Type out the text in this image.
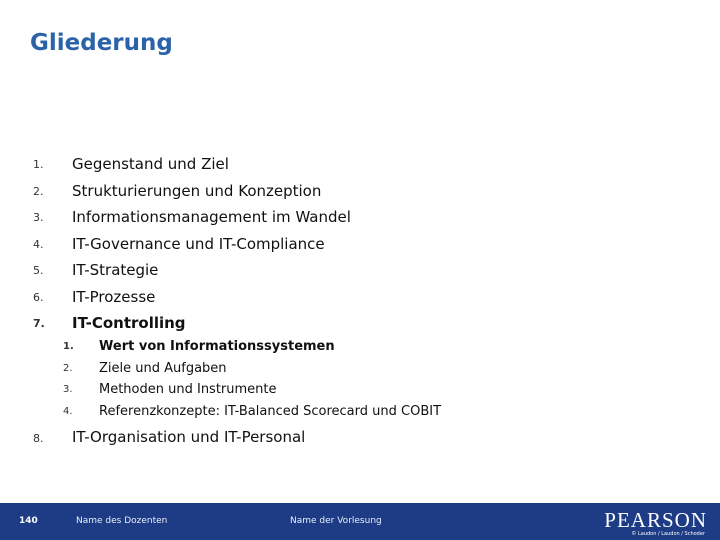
Gliederung
1.	Gegenstand und Ziel
2.	Strukturierungen und Konzeption
3.	Informationsmanagement im Wandel
4.	IT-Governance und IT-Compliance
5.	IT-Strategie
6.	IT-Prozesse
7.	IT-Controlling
1.	Wert von Informationssystemen
2.	Ziele und Aufgaben
3.	Methoden und Instrumente
4.	Referenzkonzepte: IT-Balanced Scorecard und COBIT
8.	IT-Organisation und IT-Personal
140	Name des Dozenten	Name der Vorlesung	PEARSON
© Laudon / Laudon / Schoder
